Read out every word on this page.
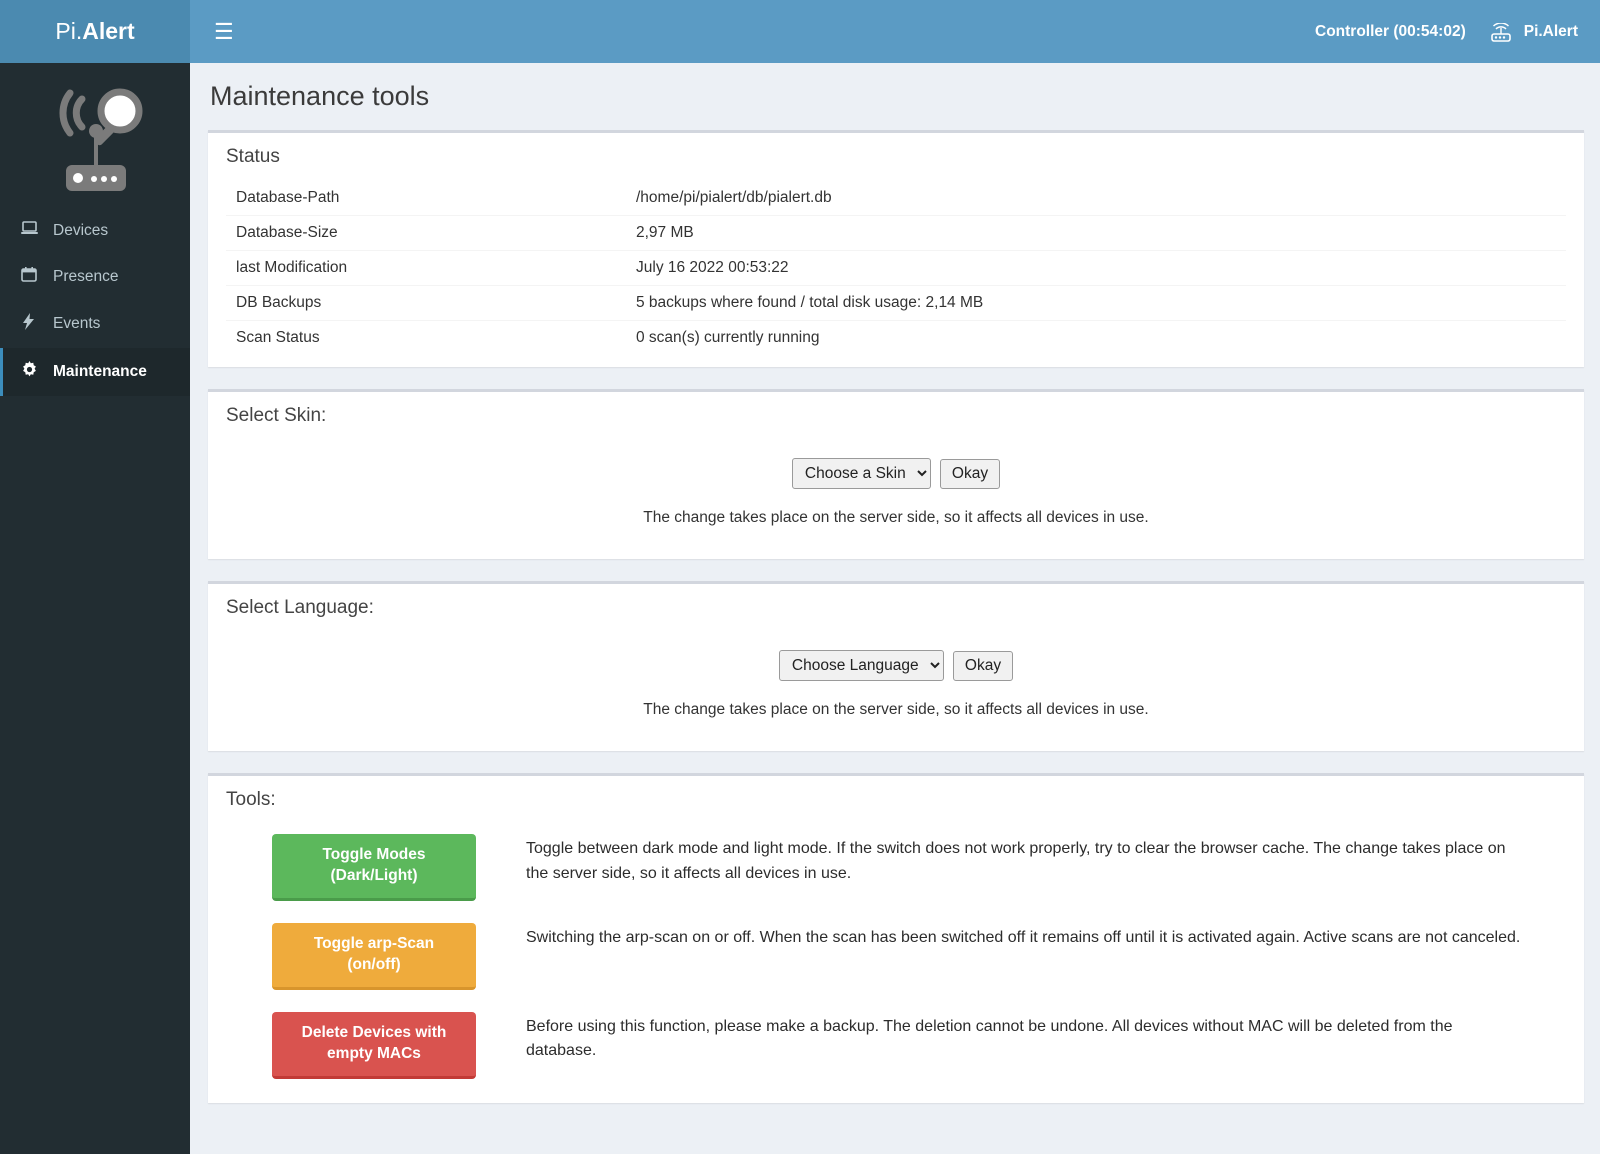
Pi. Alert
Devices
Presence
Events
Maintenance
☰	Controller (00:54:02)	Pi.Alert
Maintenance tools
Status
Database-Path	/home/pi/pialert/db/pialert.db
Database-Size	2,97 MB
last Modification	July 16 2022 00:53:22
DB Backups	5 backups where found / total disk usage: 2,14 MB
Scan Status	0 scan(s) currently running
Select Skin:
Choose a Skin
Okay
The change takes place on the server side, so it affects all devices in use.
Select Language:
Choose Language
Okay
The change takes place on the server side, so it affects all devices in use.
Tools:
Toggle Modes
(Dark/Light)
Toggle between dark mode and light mode. If the switch does not work properly, try to clear the browser cache. The change takes place on the server side, so it affects all devices in use.
Toggle arp-Scan
(on/off)
Switching the arp-scan on or off. When the scan has been switched off it remains off until it is activated again. Active scans are not canceled.
Delete Devices with
empty MACs
Before using this function, please make a backup. The deletion cannot be undone. All devices without MAC will be deleted from the database.
